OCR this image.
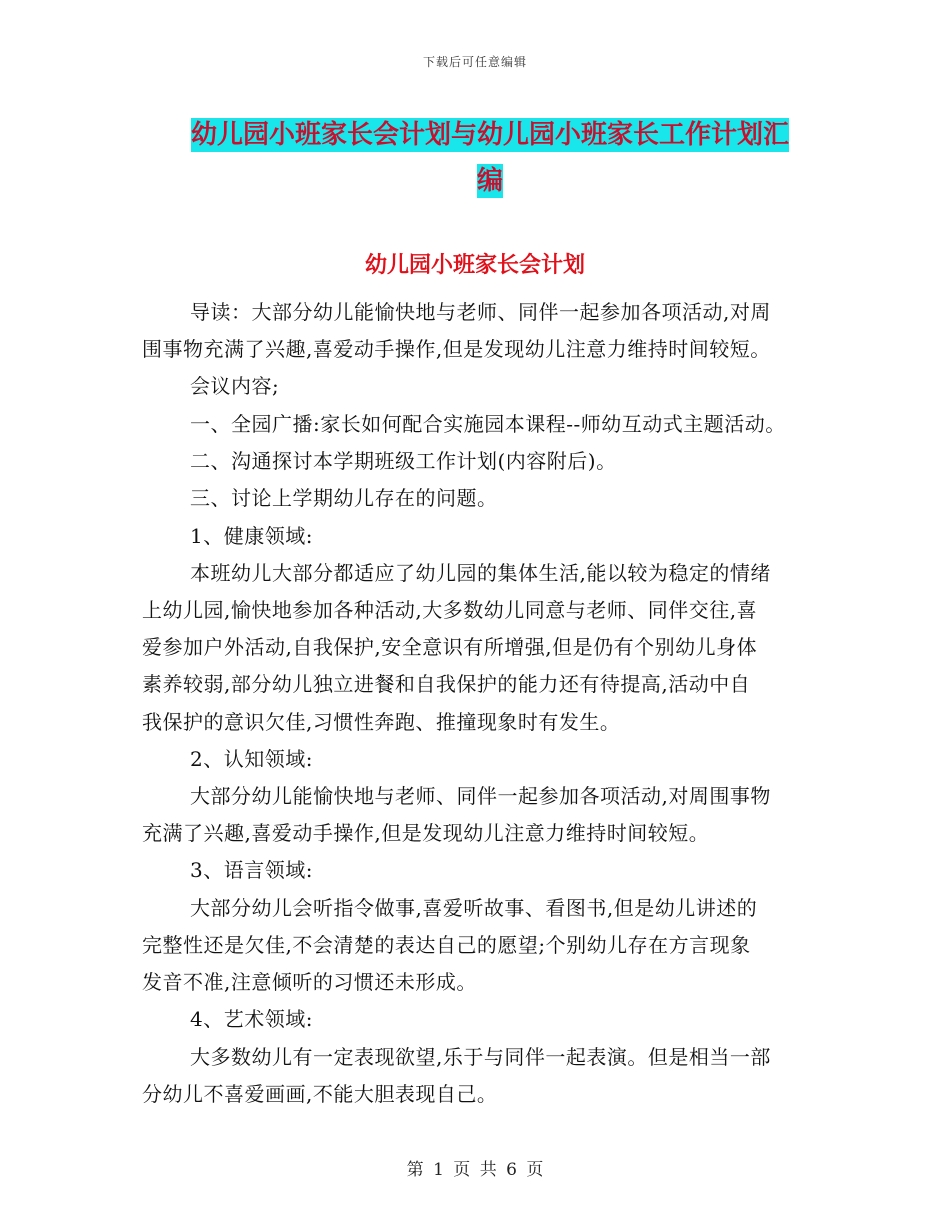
下载后可任意编辑
幼儿园小班家长会计划与幼儿园小班家长工作计划汇
编
幼儿园小班家长会计划
导读：大部分幼儿能愉快地与老师、同伴一起参加各项活动,对周
围事物充满了兴趣,喜爱动手操作,但是发现幼儿注意力维持时间较短。
会议内容;
一、全园广播:家长如何配合实施园本课程--师幼互动式主题活动。
二、沟通探讨本学期班级工作计划(内容附后)。
三、讨论上学期幼儿存在的问题。
1、健康领域:
本班幼儿大部分都适应了幼儿园的集体生活,能以较为稳定的情绪
上幼儿园,愉快地参加各种活动,大多数幼儿同意与老师、同伴交往,喜
爱参加户外活动,自我保护,安全意识有所增强,但是仍有个别幼儿身体
素养较弱,部分幼儿独立进餐和自我保护的能力还有待提高,活动中自
我保护的意识欠佳,习惯性奔跑、推撞现象时有发生。
2、认知领域:
大部分幼儿能愉快地与老师、同伴一起参加各项活动,对周围事物
充满了兴趣,喜爱动手操作,但是发现幼儿注意力维持时间较短。
3、语言领域:
大部分幼儿会听指令做事,喜爱听故事、看图书,但是幼儿讲述的
完整性还是欠佳,不会清楚的表达自己的愿望;个别幼儿存在方言现象
发音不准,注意倾听的习惯还未形成。
4、艺术领域:
大多数幼儿有一定表现欲望,乐于与同伴一起表演。但是相当一部
分幼儿不喜爱画画,不能大胆表现自己。
第 1 页 共 6 页
